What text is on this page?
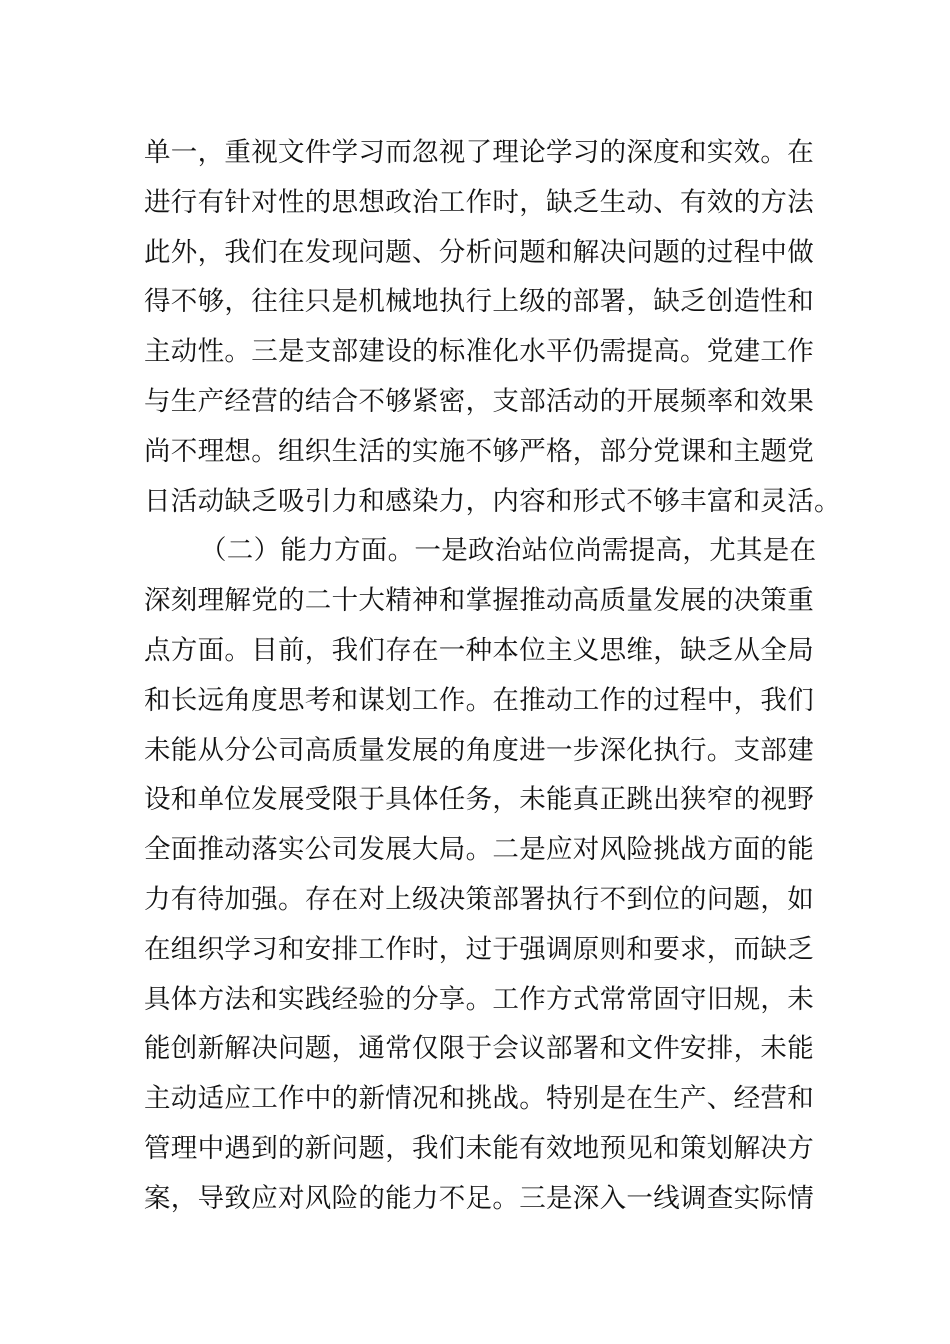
单一，重视文件学习而忽视了理论学习的深度和实效。在
进行有针对性的思想政治工作时，缺乏生动、有效的方法
此外，我们在发现问题、分析问题和解决问题的过程中做
得不够，往往只是机械地执行上级的部署，缺乏创造性和
主动性。三是支部建设的标准化水平仍需提高。党建工作
与生产经营的结合不够紧密，支部活动的开展频率和效果
尚不理想。组织生活的实施不够严格，部分党课和主题党
日活动缺乏吸引力和感染力，内容和形式不够丰富和灵活。
（二）能力方面。一是政治站位尚需提高，尤其是在
深刻理解党的二十大精神和掌握推动高质量发展的决策重
点方面。目前，我们存在一种本位主义思维，缺乏从全局
和长远角度思考和谋划工作。在推动工作的过程中，我们
未能从分公司高质量发展的角度进一步深化执行。支部建
设和单位发展受限于具体任务，未能真正跳出狭窄的视野
全面推动落实公司发展大局。二是应对风险挑战方面的能
力有待加强。存在对上级决策部署执行不到位的问题，如
在组织学习和安排工作时，过于强调原则和要求，而缺乏
具体方法和实践经验的分享。工作方式常常固守旧规，未
能创新解决问题，通常仅限于会议部署和文件安排，未能
主动适应工作中的新情况和挑战。特别是在生产、经营和
管理中遇到的新问题，我们未能有效地预见和策划解决方
案，导致应对风险的能力不足。三是深入一线调查实际情
